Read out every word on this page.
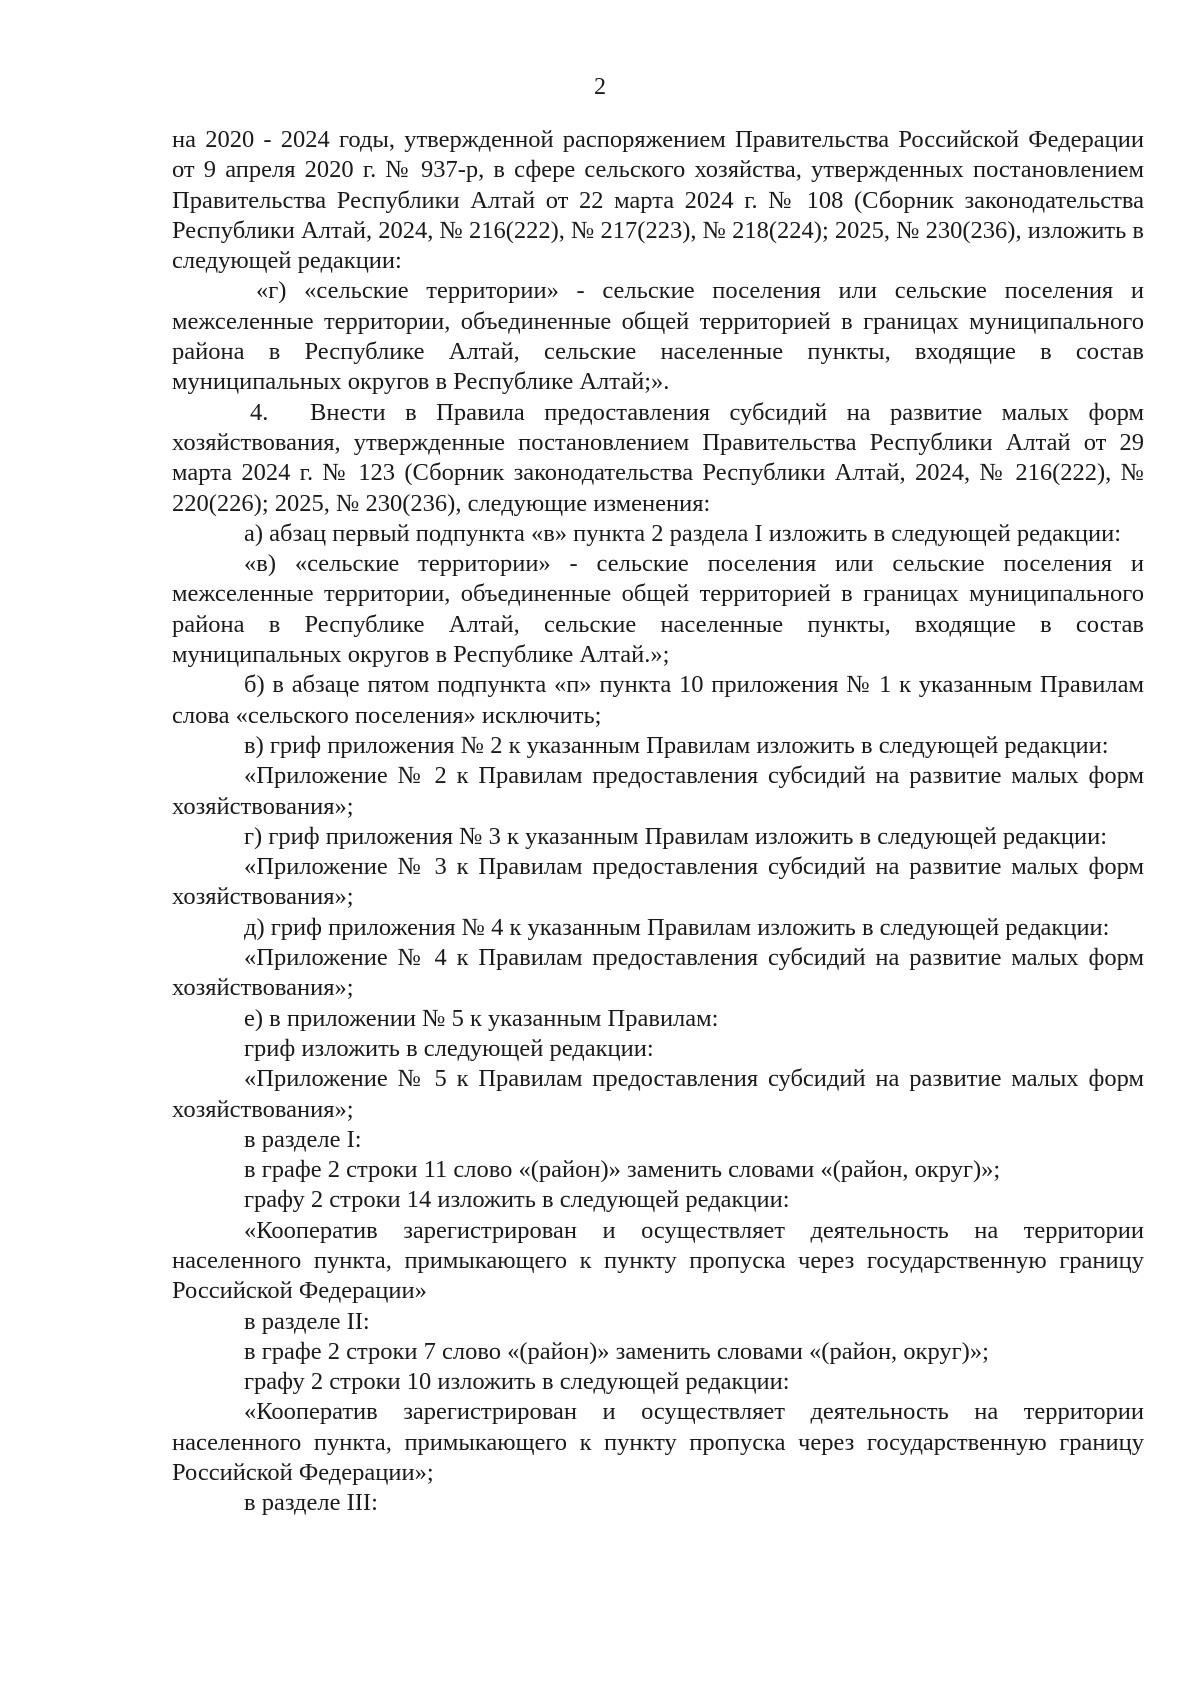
2

на 2020 - 2024 годы, утвержденной распоряжением Правительства Российской Федерации от 9 апреля 2020 г. № 937-р, в сфере сельского хозяйства, утвержденных постановлением Правительства Республики Алтай от 22 марта 2024 г. № 108 (Сборник законодательства Республики Алтай, 2024, № 216(222), № 217(223), № 218(224); 2025, № 230(236), изложить в следующей редакции:

«г) «сельские территории» - сельские поселения или сельские поселения и межселенные территории, объединенные общей территорией в границах муниципального района в Республике Алтай, сельские населенные пункты, входящие в состав муниципальных округов в Республике Алтай;».

4. Внести в Правила предоставления субсидий на развитие малых форм хозяйствования, утвержденные постановлением Правительства Республики Алтай от 29 марта 2024 г. № 123 (Сборник законодательства Республики Алтай, 2024, № 216(222), № 220(226); 2025, № 230(236), следующие изменения:

а) абзац первый подпункта «в» пункта 2 раздела I изложить в следующей редакции:

«в) «сельские территории» - сельские поселения или сельские поселения и межселенные территории, объединенные общей территорией в границах муниципального района в Республике Алтай, сельские населенные пункты, входящие в состав муниципальных округов в Республике Алтай.»;

б) в абзаце пятом подпункта «п» пункта 10 приложения № 1 к указанным Правилам слова «сельского поселения» исключить;

в) гриф приложения № 2 к указанным Правилам изложить в следующей редакции:

«Приложение № 2 к Правилам предоставления субсидий на развитие малых форм хозяйствования»;

г) гриф приложения № 3 к указанным Правилам изложить в следующей редакции:

«Приложение № 3 к Правилам предоставления субсидий на развитие малых форм хозяйствования»;

д) гриф приложения № 4 к указанным Правилам изложить в следующей редакции:

«Приложение № 4 к Правилам предоставления субсидий на развитие малых форм хозяйствования»;

е) в приложении № 5 к указанным Правилам:

гриф изложить в следующей редакции:

«Приложение № 5 к Правилам предоставления субсидий на развитие малых форм хозяйствования»;

в разделе I:

в графе 2 строки 11 слово «(район)» заменить словами «(район, округ)»;

графу 2 строки 14 изложить в следующей редакции:

«Кооператив зарегистрирован и осуществляет деятельность на территории населенного пункта, примыкающего к пункту пропуска через государственную границу Российской Федерации»

в разделе II:

в графе 2 строки 7 слово «(район)» заменить словами «(район, округ)»;

графу 2 строки 10 изложить в следующей редакции:

«Кооператив зарегистрирован и осуществляет деятельность на территории населенного пункта, примыкающего к пункту пропуска через государственную границу Российской Федерации»;

в разделе III:
